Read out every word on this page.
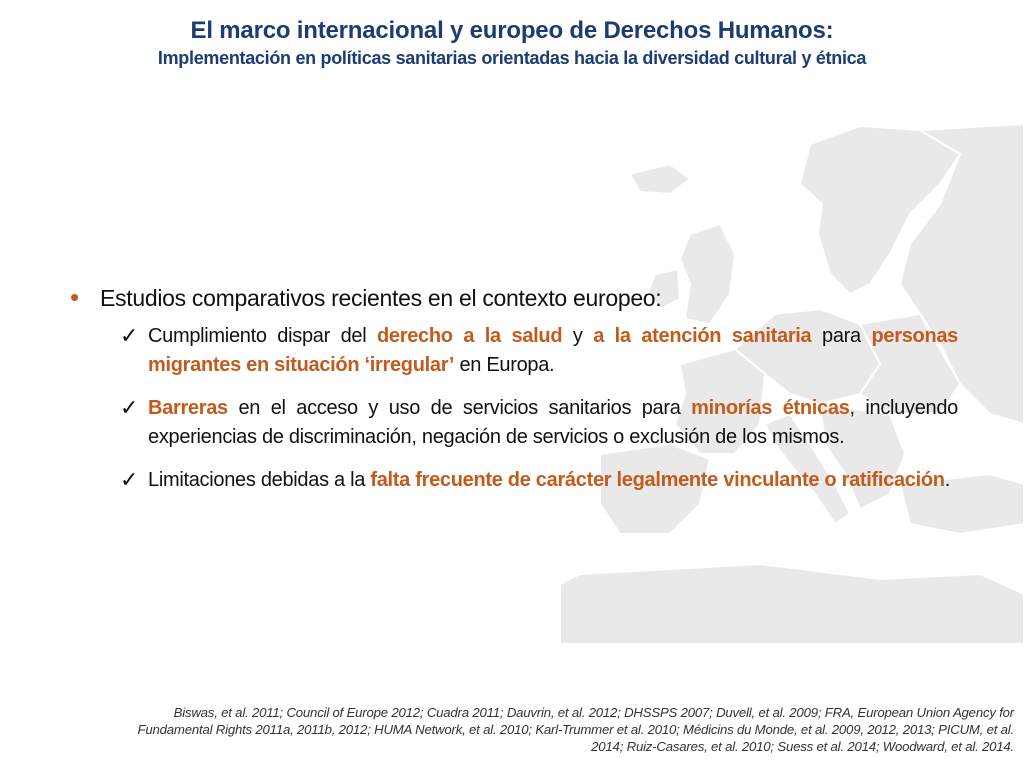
El marco internacional y europeo de Derechos Humanos:
Implementación en políticas sanitarias orientadas hacia la diversidad cultural y étnica
• Estudios comparativos recientes en el contexto europeo:
✓ Cumplimiento dispar del derecho a la salud y a la atención sanitaria para personas migrantes en situación ‘irregular’ en Europa.
✓ Barreras en el acceso y uso de servicios sanitarios para minorías étnicas, incluyendo experiencias de discriminación, negación de servicios o exclusión de los mismos.
✓ Limitaciones debidas a la falta frecuente de carácter legalmente vinculante o ratificación.
Biswas, et al. 2011; Council of Europe 2012; Cuadra 2011; Dauvrin, et al. 2012; DHSSPS 2007; Duvell, et al. 2009; FRA, European Union Agency for
Fundamental Rights 2011a, 2011b, 2012; HUMA Network, et al. 2010; Karl-Trummer et al. 2010; Médicins du Monde, et al. 2009, 2012, 2013; PICUM, et al.
2014; Ruiz-Casares, et al. 2010; Suess et al. 2014; Woodward, et al. 2014.
